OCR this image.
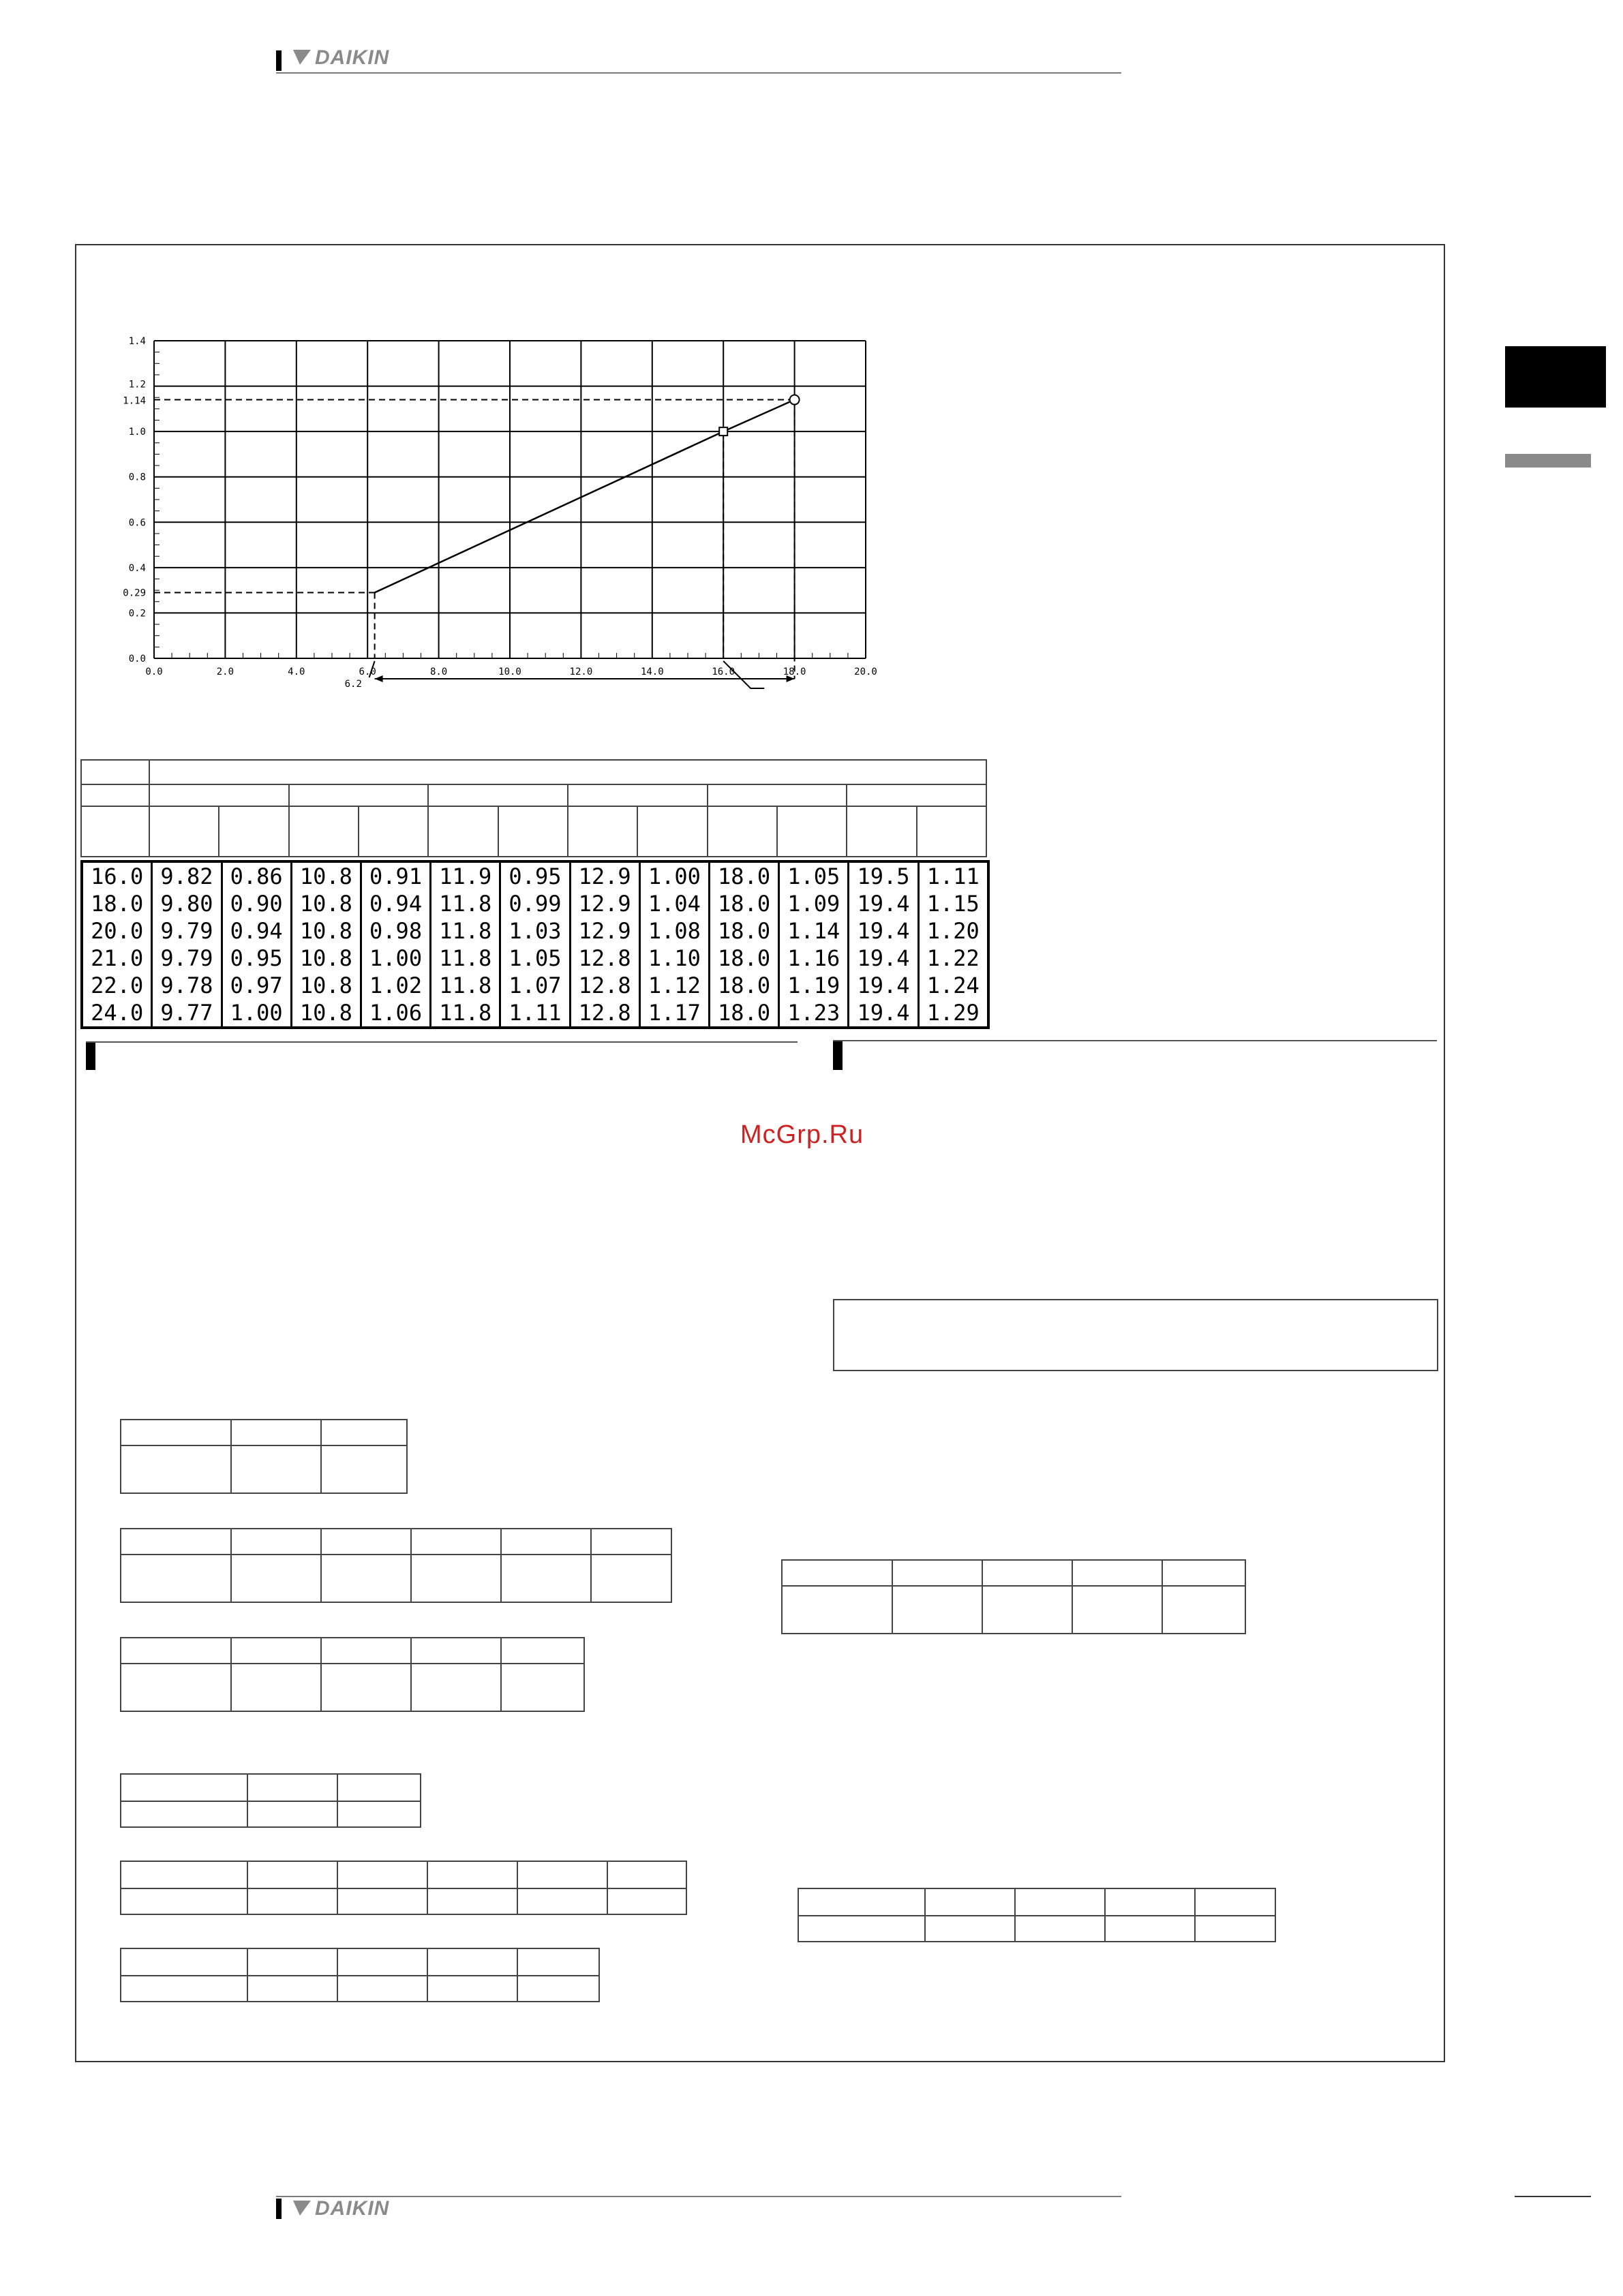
DAIKIN
0.0	2.0	4.0	6.0	8.0	10.0	12.0	14.0	16.0	18.0	20.0
0.0
0.2
0.4
0.6
0.8
1.0
1.2
1.4
1.14
0.29
6.2

16.0	9.82	0.86	10.8	0.91	11.9	0.95	12.9	1.00	18.0	1.05	19.5	1.11
18.0	9.80	0.90	10.8	0.94	11.8	0.99	12.9	1.04	18.0	1.09	19.4	1.15
20.0	9.79	0.94	10.8	0.98	11.8	1.03	12.9	1.08	18.0	1.14	19.4	1.20
21.0	9.79	0.95	10.8	1.00	11.8	1.05	12.8	1.10	18.0	1.16	19.4	1.22
22.0	9.78	0.97	10.8	1.02	11.8	1.07	12.8	1.12	18.0	1.19	19.4	1.24
24.0	9.77	1.00	10.8	1.06	11.8	1.11	12.8	1.17	18.0	1.23	19.4	1.29
McGrp.Ru

DAIKIN
